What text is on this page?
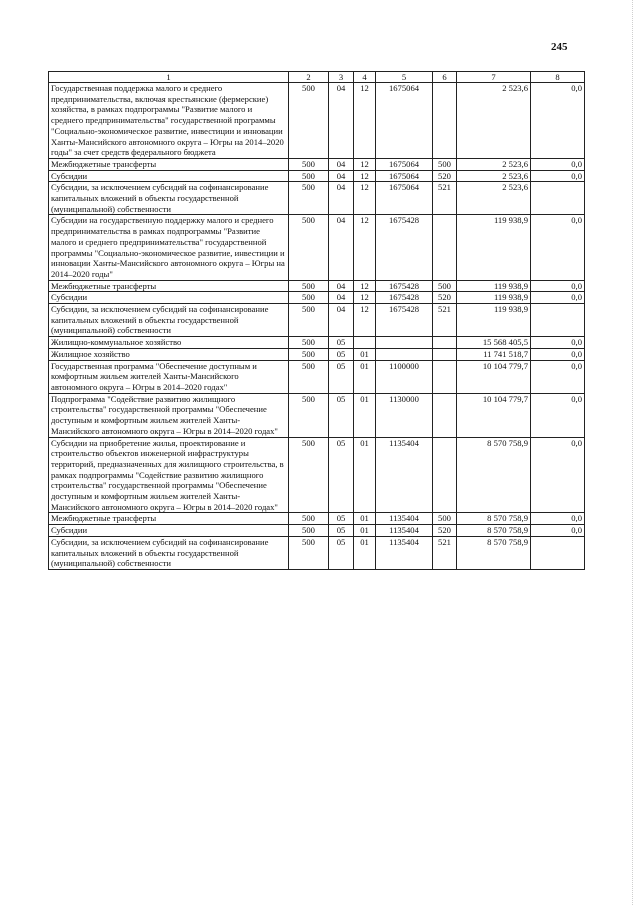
245
1	2	3	4	5	6	7	8
Государственная поддержка малого и среднего предпринимательства, включая крестьянские (фермерские) хозяйства, в рамках подпрограммы "Развитие малого и среднего предпринимательства" государственной программы "Социально-экономическое развитие, инвестиции и инновации Ханты-Мансийского автономного округа – Югры на 2014–2020 годы" за счет средств федерального бюджета	500	04	12	1675064		2 523,6	0,0
Межбюджетные трансферты	500	04	12	1675064	500	2 523,6	0,0
Субсидии	500	04	12	1675064	520	2 523,6	0,0
Субсидии, за исключением субсидий на софинансирование капитальных вложений в объекты государственной (муниципальной) собственности	500	04	12	1675064	521	2 523,6	
Субсидии на государственную поддержку малого и среднего предпринимательства в рамках подпрограммы "Развитие малого и среднего предпринимательства" государственной программы "Социально-экономическое развитие, инвестиции и инновации Ханты-Мансийского автономного округа – Югры на 2014–2020 годы"	500	04	12	1675428		119 938,9	0,0
Межбюджетные трансферты	500	04	12	1675428	500	119 938,9	0,0
Субсидии	500	04	12	1675428	520	119 938,9	0,0
Субсидии, за исключением субсидий на софинансирование капитальных вложений в объекты государственной (муниципальной) собственности	500	04	12	1675428	521	119 938,9	
Жилищно-коммунальное хозяйство	500	05				15 568 405,5	0,0
Жилищное хозяйство	500	05	01			11 741 518,7	0,0
Государственная программа "Обеспечение доступным и комфортным жильем жителей Ханты-Мансийского автономного округа – Югры в 2014–2020 годах"	500	05	01	1100000		10 104 779,7	0,0
Подпрограмма "Содействие развитию жилищного строительства" государственной программы "Обеспечение доступным и комфортным жильем жителей Ханты-Мансийского автономного округа – Югры в 2014–2020 годах"	500	05	01	1130000		10 104 779,7	0,0
Субсидии на приобретение жилья, проектирование и строительство объектов инженерной инфраструктуры территорий, предназначенных для жилищного строительства, в рамках подпрограммы "Содействие развитию жилищного строительства" государственной программы "Обеспечение доступным и комфортным жильем жителей Ханты-Мансийского автономного округа – Югры в 2014–2020 годах"	500	05	01	1135404		8 570 758,9	0,0
Межбюджетные трансферты	500	05	01	1135404	500	8 570 758,9	0,0
Субсидии	500	05	01	1135404	520	8 570 758,9	0,0
Субсидии, за исключением субсидий на софинансирование капитальных вложений в объекты государственной (муниципальной) собственности	500	05	01	1135404	521	8 570 758,9	
